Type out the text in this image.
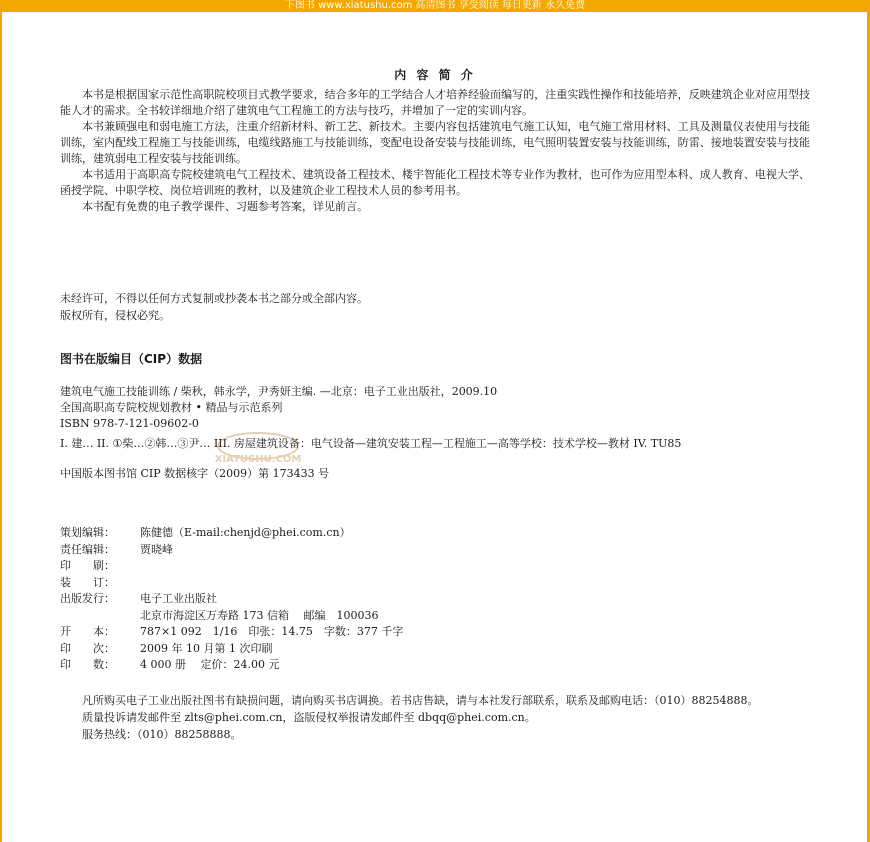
下图书 www.xiatushu.com 高清图书 享受阅读 每日更新 永久免费
内 容 简 介

本书是根据国家示范性高职院校项目式教学要求，结合多年的工学结合人才培养经验而编写的，注重实践性操作和技能培养，反映建筑企业对应用型技能人才的需求。全书较详细地介绍了建筑电气工程施工的方法与技巧，并增加了一定的实训内容。

本书兼顾强电和弱电施工方法，注重介绍新材料、新工艺、新技术。主要内容包括建筑电气施工认知，电气施工常用材料、工具及测量仪表使用与技能训练，室内配线工程施工与技能训练，电缆线路施工与技能训练，变配电设备安装与技能训练，电气照明装置安装与技能训练，防雷、接地装置安装与技能训练，建筑弱电工程安装与技能训练。

本书适用于高职高专院校建筑电气工程技术、建筑设备工程技术、楼宇智能化工程技术等专业作为教材，也可作为应用型本科、成人教育、电视大学、函授学院、中职学校、岗位培训班的教材，以及建筑企业工程技术人员的参考用书。

本书配有免费的电子教学课件、习题参考答案，详见前言。

未经许可，不得以任何方式复制或抄袭本书之部分或全部内容。
版权所有，侵权必究。
图书在版编目（CIP）数据

建筑电气施工技能训练 / 柴秋，韩永学，尹秀妍主编. —北京：电子工业出版社，2009.10

全国高职高专院校规划教材 • 精品与示范系列

ISBN 978-7-121-09602-0

I. 建… II. ①柴…②韩…③尹… III. 房屋建筑设备：电气设备—建筑安装工程—工程施工—高等学校：技术学校—教材 IV. TU85

中国版本图书馆 CIP 数据核字（2009）第 173433 号

XIATUSHU.COM
策划编辑：	陈健德（E-mail:chenjd@phei.com.cn）
责任编辑：	贾晓峰
印　　刷：
装　　订：
出版发行：	电子工业出版社
北京市海淀区万寿路 173 信箱　 邮编　100036
开　　本：	787×1 092　1/16　印张：14.75　字数：377 千字
印　　次：	2009 年 10 月第 1 次印刷
印　　数：	4 000 册　 定价：24.00 元

凡所购买电子工业出版社图书有缺损问题，请向购买书店调换。若书店售缺，请与本社发行部联系，联系及邮购电话：（010）88254888。

质量投诉请发邮件至 zlts@phei.com.cn，盗版侵权举报请发邮件至 dbqq@phei.com.cn。

服务热线：（010）88258888。
